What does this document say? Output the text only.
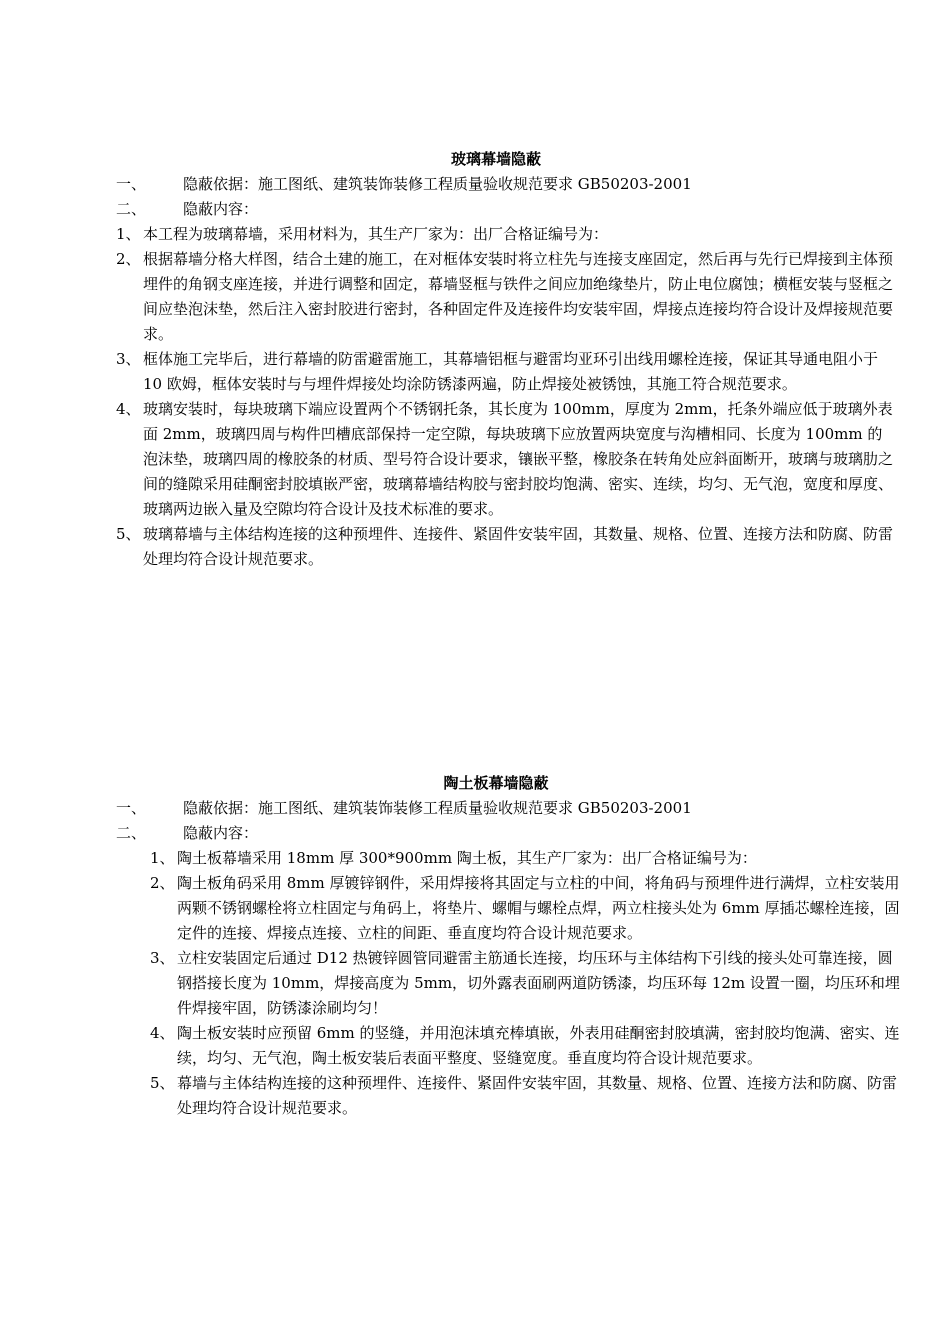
玻璃幕墙隐蔽
一、 隐蔽依据：施工图纸、建筑装饰装修工程质量验收规范要求 GB50203-2001
二、 隐蔽内容：
1、 本工程为玻璃幕墙，采用材料为，其生产厂家为：出厂合格证编号为：
2、 根据幕墙分格大样图，结合土建的施工，在对框体安装时将立柱先与连接支座固定，然后再与先行已焊接到主体预埋件的角钢支座连接，并进行调整和固定，幕墙竖框与铁件之间应加绝缘垫片，防止电位腐蚀；横框安装与竖框之间应垫泡沫垫，然后注入密封胶进行密封，各种固定件及连接件均安装牢固，焊接点连接均符合设计及焊接规范要求。
3、 框体施工完毕后，进行幕墙的防雷避雷施工，其幕墙铝框与避雷均亚环引出线用螺栓连接，保证其导通电阻小于 10 欧姆，框体安装时与与埋件焊接处均涂防锈漆两遍，防止焊接处被锈蚀，其施工符合规范要求。
4、 玻璃安装时，每块玻璃下端应设置两个不锈钢托条，其长度为 100mm，厚度为 2mm，托条外端应低于玻璃外表面 2mm，玻璃四周与构件凹槽底部保持一定空隙，每块玻璃下应放置两块宽度与沟槽相同、长度为 100mm 的泡沫垫，玻璃四周的橡胶条的材质、型号符合设计要求，镶嵌平整，橡胶条在转角处应斜面断开，玻璃与玻璃肋之间的缝隙采用硅酮密封胶填嵌严密，玻璃幕墙结构胶与密封胶均饱满、密实、连续，均匀、无气泡，宽度和厚度、玻璃两边嵌入量及空隙均符合设计及技术标准的要求。
5、 玻璃幕墙与主体结构连接的这种预埋件、连接件、紧固件安装牢固，其数量、规格、位置、连接方法和防腐、防雷处理均符合设计规范要求。
陶土板幕墙隐蔽
一、 隐蔽依据：施工图纸、建筑装饰装修工程质量验收规范要求 GB50203-2001
二、 隐蔽内容：
1、 陶土板幕墙采用 18mm 厚 300*900mm 陶土板，其生产厂家为：出厂合格证编号为：
2、 陶土板角码采用 8mm 厚镀锌钢件，采用焊接将其固定与立柱的中间，将角码与预埋件进行满焊，立柱安装用两颗不锈钢螺栓将立柱固定与角码上，将垫片、螺帽与螺栓点焊，两立柱接头处为 6mm 厚插芯螺栓连接，固定件的连接、焊接点连接、立柱的间距、垂直度均符合设计规范要求。
3、 立柱安装固定后通过 D12 热镀锌圆管同避雷主筋通长连接，均压环与主体结构下引线的接头处可靠连接，圆钢搭接长度为 10mm，焊接高度为 5mm，切外露表面刷两道防锈漆，均压环每 12m 设置一圈，均压环和埋件焊接牢固，防锈漆涂刷均匀！
4、 陶土板安装时应预留 6mm 的竖缝，并用泡沫填充棒填嵌，外表用硅酮密封胶填满，密封胶均饱满、密实、连续，均匀、无气泡，陶土板安装后表面平整度、竖缝宽度。垂直度均符合设计规范要求。
5、 幕墙与主体结构连接的这种预埋件、连接件、紧固件安装牢固，其数量、规格、位置、连接方法和防腐、防雷处理均符合设计规范要求。
